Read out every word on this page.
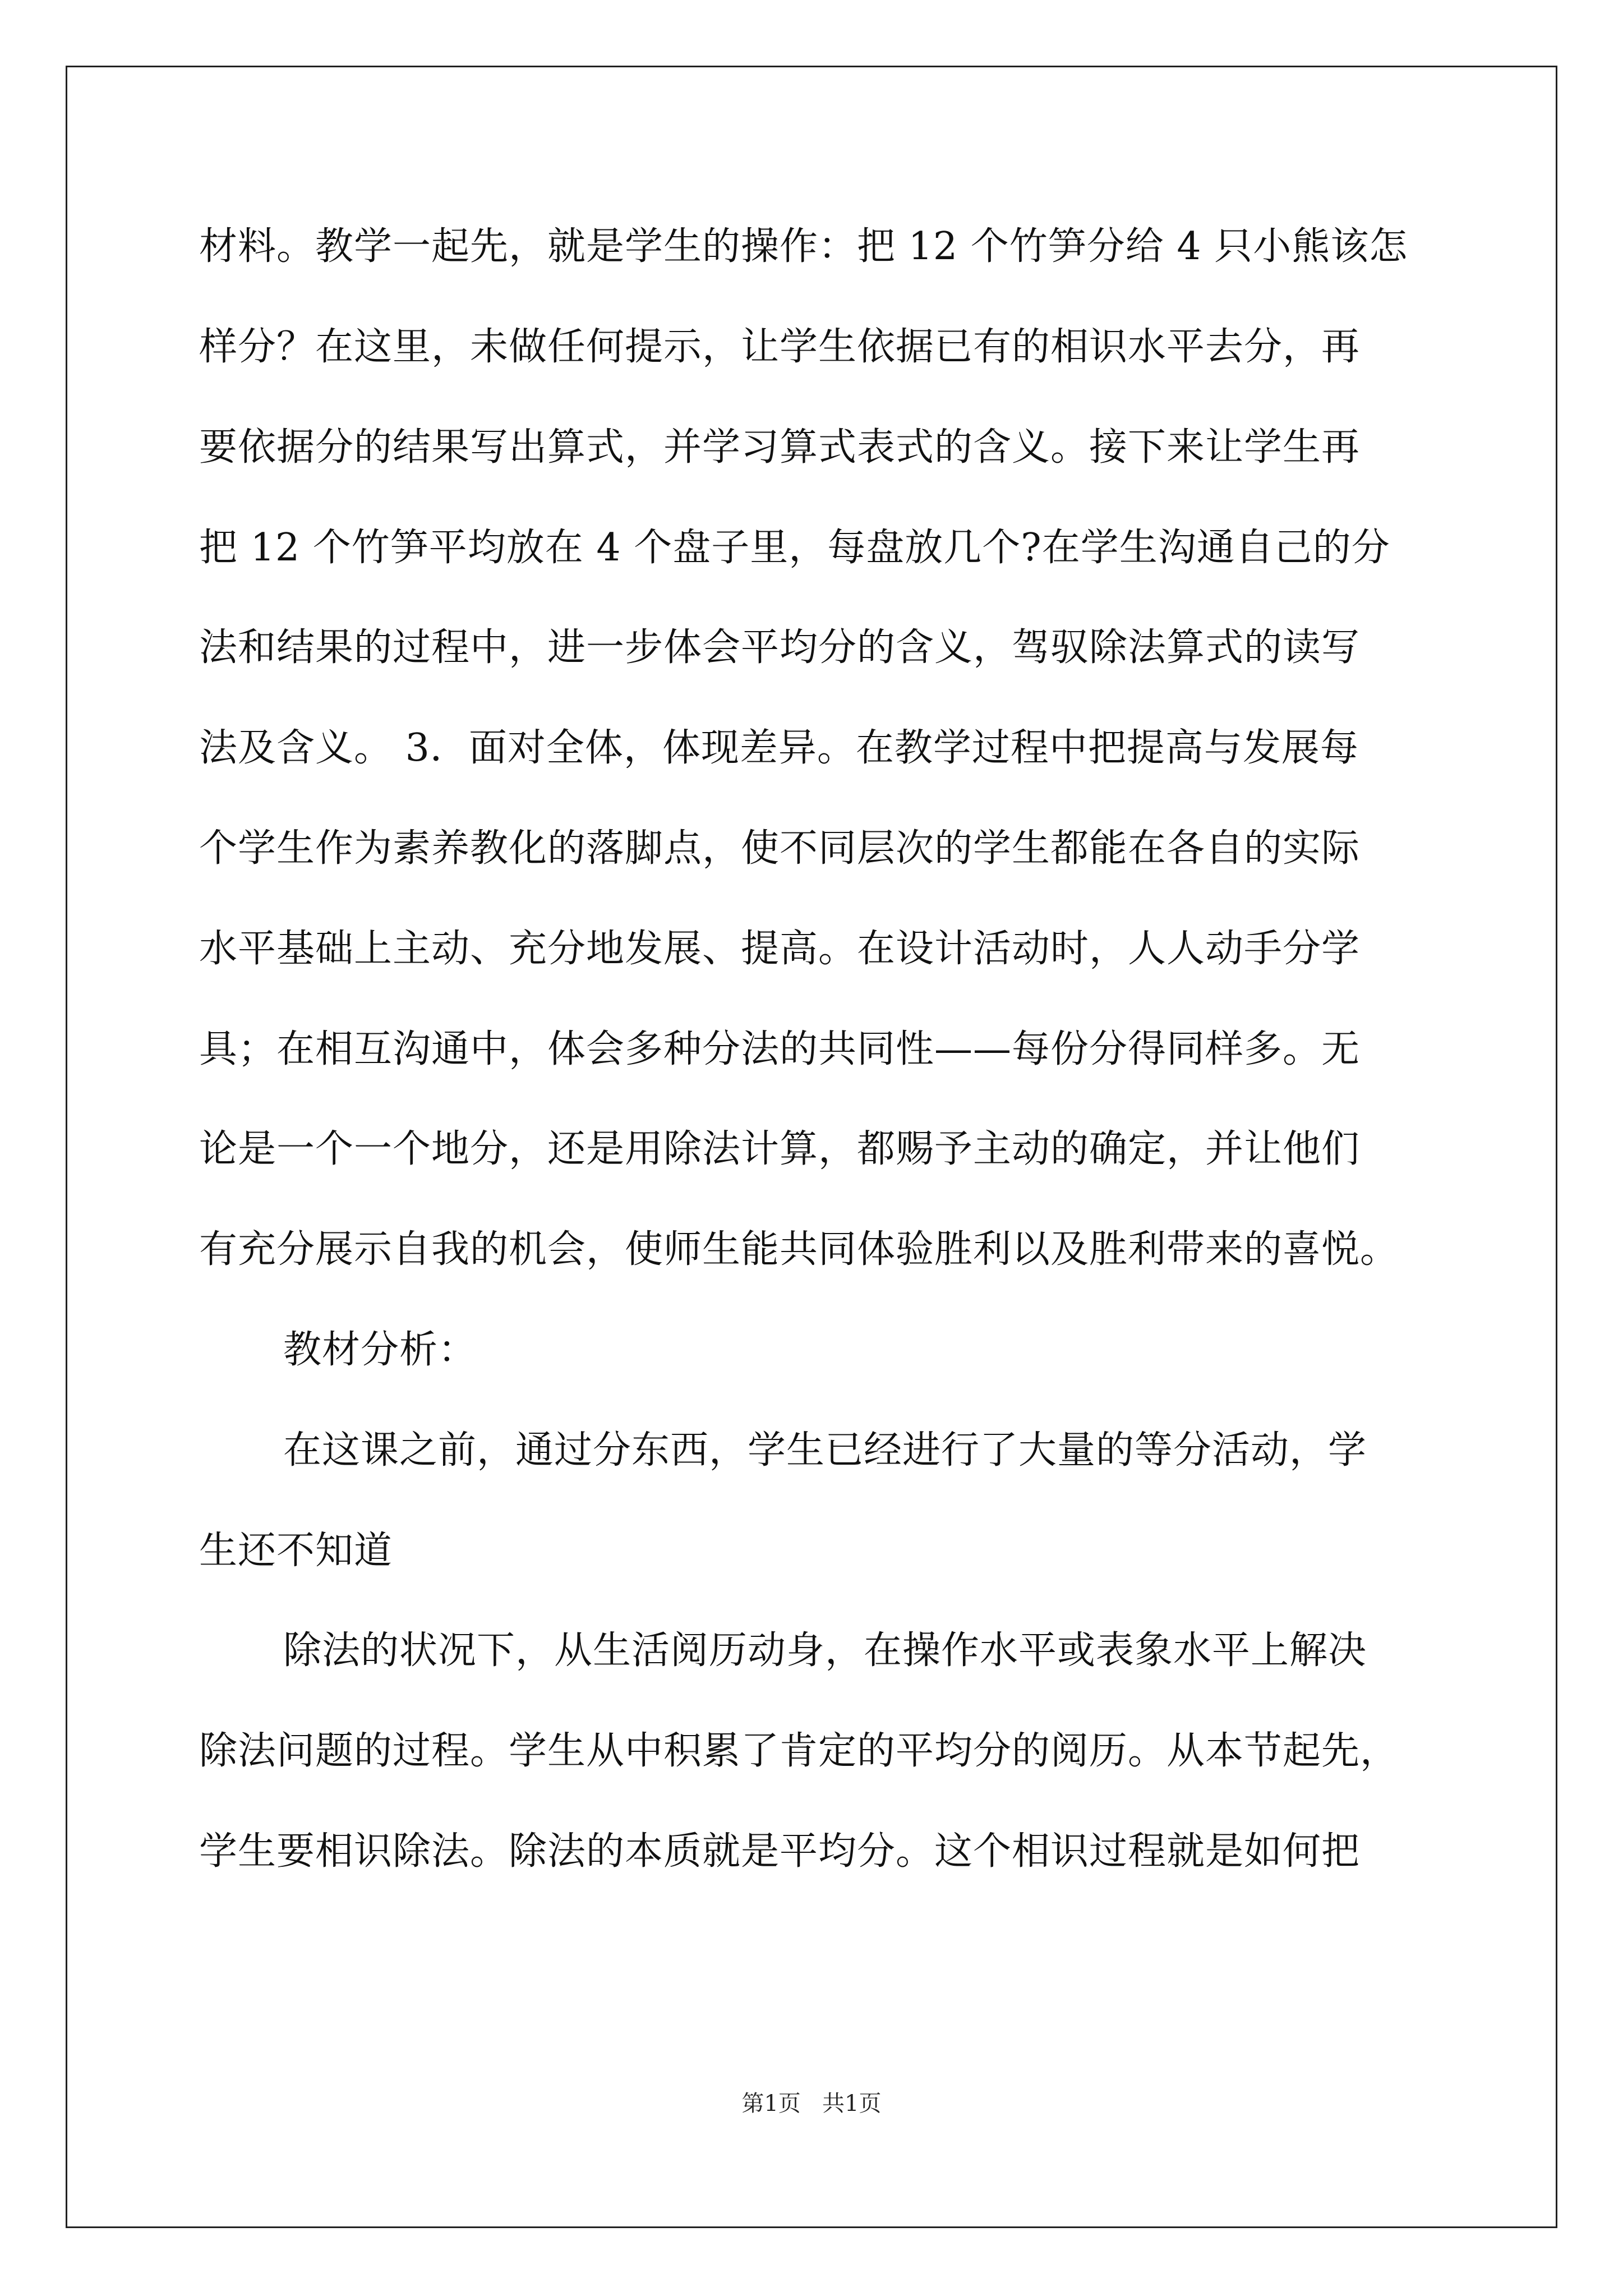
材料。教学一起先，就是学生的操作：把 12 个竹笋分给 4 只小熊该怎
样分？在这里，未做任何提示，让学生依据已有的相识水平去分，再
要依据分的结果写出算式，并学习算式表式的含义。接下来让学生再
把 12 个竹笋平均放在 4 个盘子里，每盘放几个?在学生沟通自己的分
法和结果的过程中，进一步体会平均分的含义，驾驭除法算式的读写
法及含义。 3．面对全体，体现差异。在教学过程中把提高与发展每
个学生作为素养教化的落脚点，使不同层次的学生都能在各自的实际
水平基础上主动、充分地发展、提高。在设计活动时，人人动手分学
具；在相互沟通中，体会多种分法的共同性——每份分得同样多。无
论是一个一个地分，还是用除法计算，都赐予主动的确定，并让他们
有充分展示自我的机会，使师生能共同体验胜利以及胜利带来的喜悦。
教材分析：
在这课之前，通过分东西，学生已经进行了大量的等分活动，学
生还不知道
除法的状况下，从生活阅历动身，在操作水平或表象水平上解决
除法问题的过程。学生从中积累了肯定的平均分的阅历。从本节起先，
学生要相识除法。除法的本质就是平均分。这个相识过程就是如何把
第1页   共1页
